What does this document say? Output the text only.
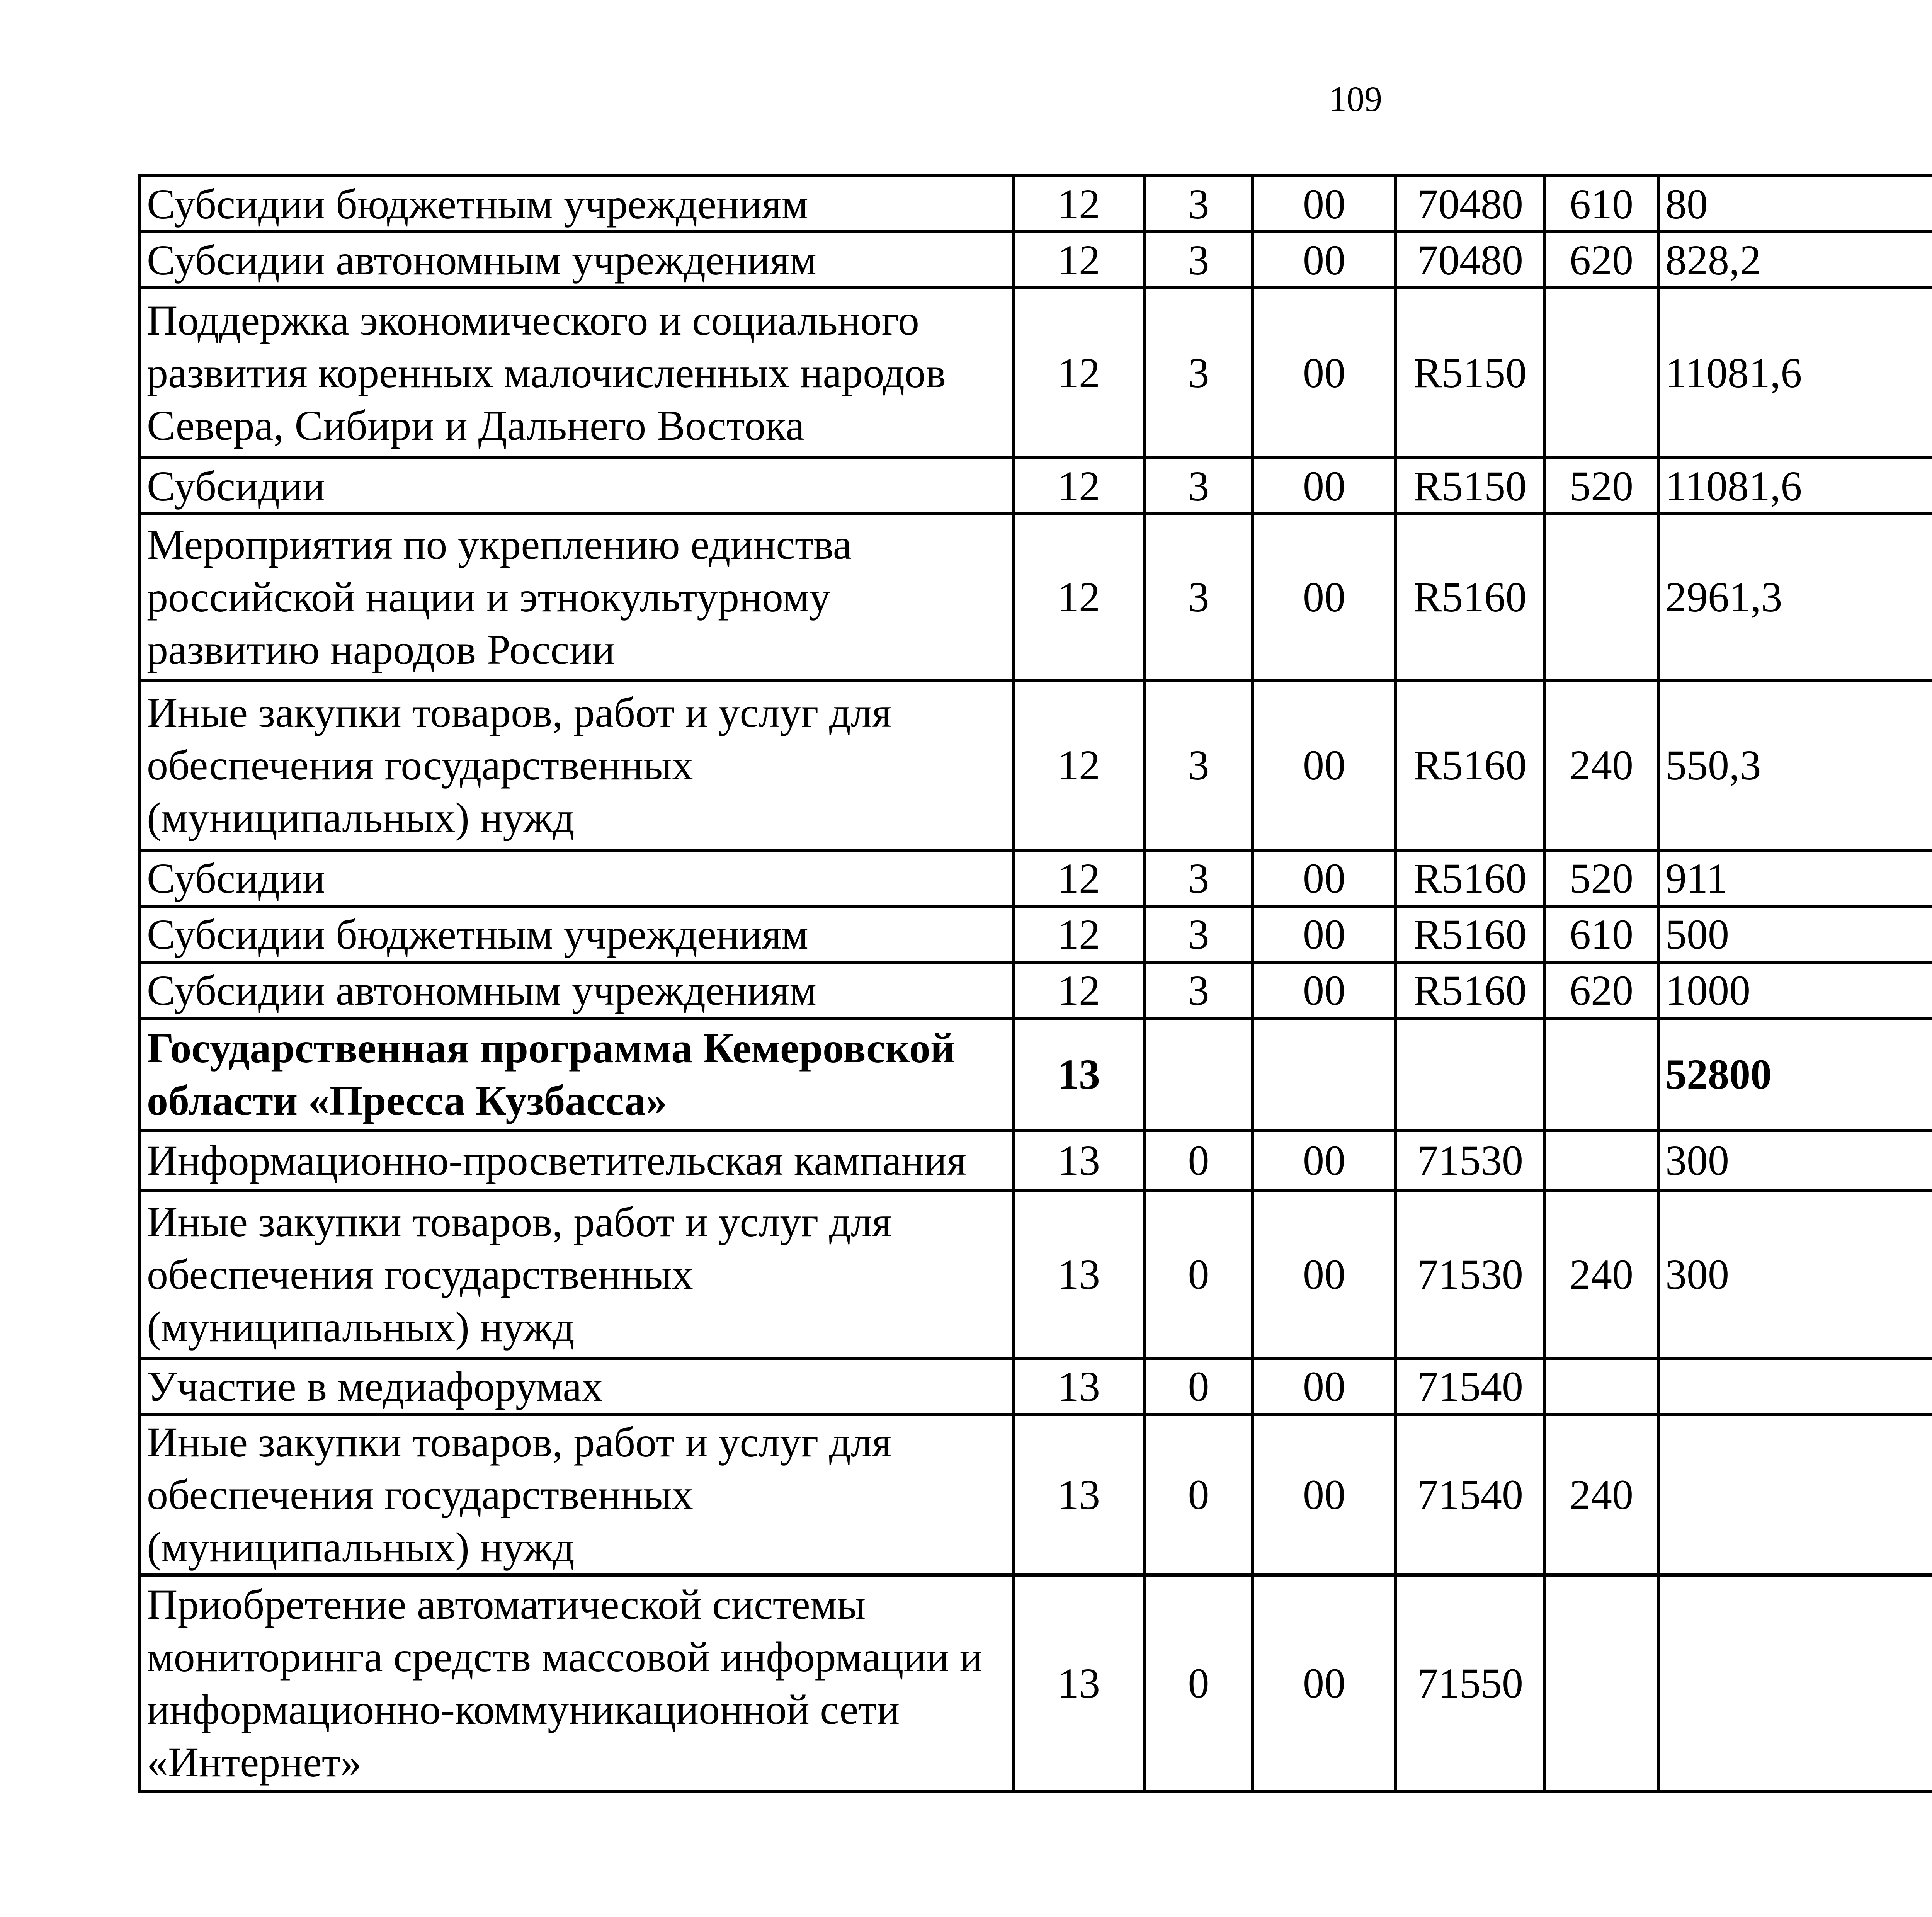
109
Субсидии бюджетным учреждениям	12	3	00	70480	610	80		
Субсидии автономным учреждениям	12	3	00	70480	620	828,2		
Поддержка экономического и социального развития коренных малочисленных народов Севера, Сибири и Дальнего Востока	12	3	00	R5150		11081,6		
Субсидии	12	3	00	R5150	520	11081,6		
Мероприятия по укреплению единства российской нации и этнокультурному развитию народов России	12	3	00	R5160		2961,3		
Иные закупки товаров, работ и услуг для обеспечения государственных (муниципальных) нужд	12	3	00	R5160	240	550,3		
Субсидии	12	3	00	R5160	520	911		
Субсидии бюджетным учреждениям	12	3	00	R5160	610	500		
Субсидии автономным учреждениям	12	3	00	R5160	620	1000		
Государственная программа Кемеровской области «Пресса Кузбасса»	13					52800		
Информационно-просветительская кампания	13	0	00	71530		300		
Иные закупки товаров, работ и услуг для обеспечения государственных (муниципальных) нужд	13	0	00	71530	240	300		
Участие в медиафорумах	13	0	00	71540				
Иные закупки товаров, работ и услуг для обеспечения государственных (муниципальных) нужд	13	0	00	71540	240			
Приобретение автоматической системы мониторинга средств массовой информации и информационно-коммуникационной сети «Интернет»	13	0	00	71550				
